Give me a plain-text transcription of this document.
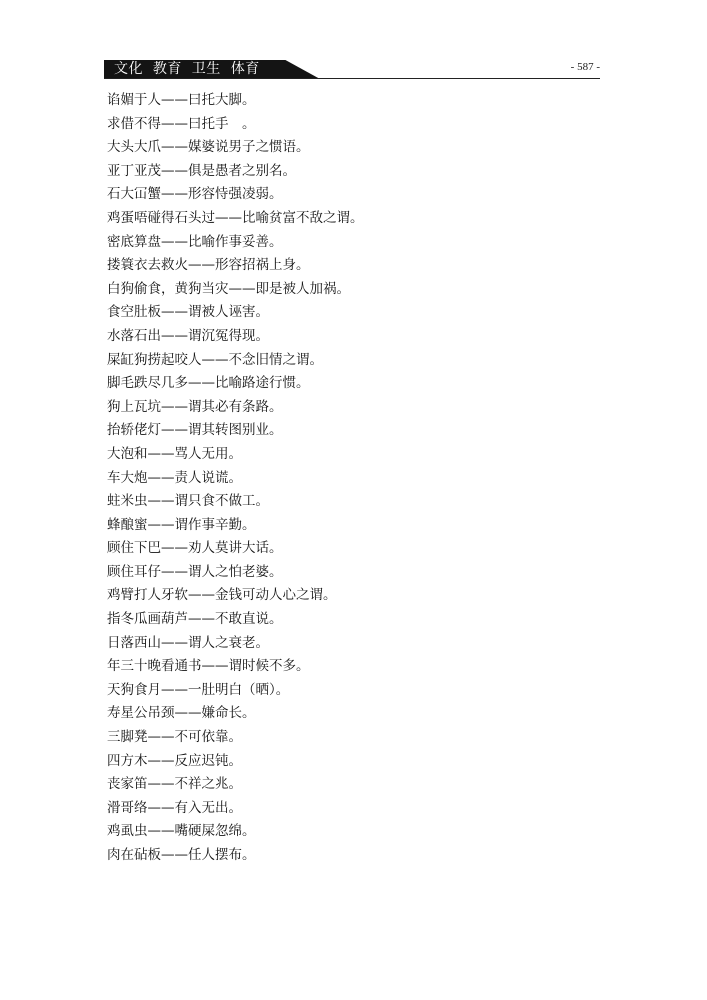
文化  教育  卫生  体育	- 587 -
谄媚于人——曰托大脚。
求借不得——曰托手　。
大头大爪——媒婆说男子之惯语。
亚丁亚茂——俱是愚者之别名。
石大冚蟹——形容恃强凌弱。
鸡蛋唔碰得石头过——比喻贫富不敌之谓。
密底算盘——比喻作事妥善。
搂簑衣去救火——形容招祸上身。
白狗偷食，黄狗当灾——即是被人加祸。
食空肚板——谓被人诬害。
水落石出——谓沉冤得现。
屎缸狗捞起咬人——不念旧情之谓。
脚毛跌尽几多——比喻路途行惯。
狗上瓦坑——谓其必有条路。
抬轿佬灯——谓其转图别业。
大泡和——骂人无用。
车大炮——责人说谎。
蛀米虫——谓只食不做工。
蜂酿蜜——谓作事辛勤。
顾住下巴——劝人莫讲大话。
顾住耳仔——谓人之怕老婆。
鸡臂打人牙软——金钱可动人心之谓。
指冬瓜画葫芦——不敢直说。
日落西山——谓人之衰老。
年三十晚看通书——谓时候不多。
天狗食月——一肚明白（晒）。
寿星公吊颈——嫌命长。
三脚凳——不可依靠。
四方木——反应迟钝。
丧家笛——不祥之兆。
滑哥络——有入无出。
鸡虱虫——嘴硬屎忽绵。
肉在砧板——任人摆布。
